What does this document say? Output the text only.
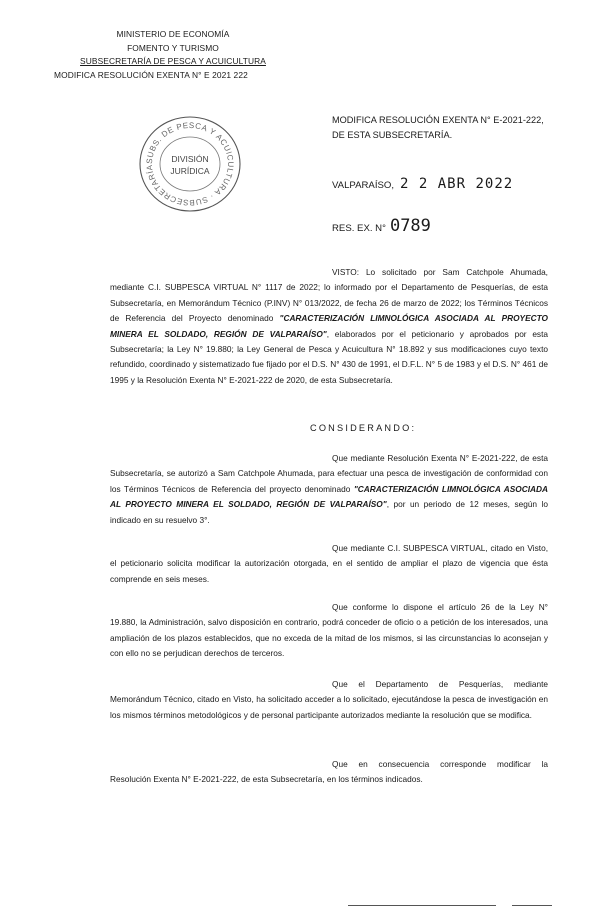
MINISTERIO DE ECONOMÍA
FOMENTO Y TURISMO
SUBSECRETARÍA DE PESCA Y ACUICULTURA
MODIFICA RESOLUCIÓN EXENTA N° E 2021 222
SUBS. DE PESCA Y ACUICULTURA · SUBSECRETARÍA
DIVISIÓN
JURÍDICA
MODIFICA RESOLUCIÓN EXENTA N° E-2021-222,
DE ESTA SUBSECRETARÍA.
VALPARAÍSO, 2 2 ABR 2022
RES. EX. N° 0789
VISTO: Lo solicitado por Sam Catchpole Ahumada, mediante C.I. SUBPESCA VIRTUAL N° 1117 de 2022; lo informado por el Departamento de Pesquerías, de esta Subsecretaría, en Memorándum Técnico (P.INV) N° 013/2022, de fecha 26 de marzo de 2022; los Términos Técnicos de Referencia del Proyecto denominado "CARACTERIZACIÓN LIMNOLÓGICA ASOCIADA AL PROYECTO MINERA EL SOLDADO, REGIÓN DE VALPARAÍSO", elaborados por el peticionario y aprobados por esta Subsecretaría; la Ley N° 19.880; la Ley General de Pesca y Acuicultura N° 18.892 y sus modificaciones cuyo texto refundido, coordinado y sistematizado fue fijado por el D.S. N° 430 de 1991, el D.F.L. N° 5 de 1983 y el D.S. N° 461 de 1995 y la Resolución Exenta N° E-2021-222 de 2020, de esta Subsecretaría.
CONSIDERANDO:
Que mediante Resolución Exenta N° E-2021-222, de esta Subsecretaría, se autorizó a Sam Catchpole Ahumada, para efectuar una pesca de investigación de conformidad con los Términos Técnicos de Referencia del proyecto denominado "CARACTERIZACIÓN LIMNOLÓGICA ASOCIADA AL PROYECTO MINERA EL SOLDADO, REGIÓN DE VALPARAÍSO", por un periodo de 12 meses, según lo indicado en su resuelvo 3°.
Que mediante C.I. SUBPESCA VIRTUAL, citado en Visto, el peticionario solicita modificar la autorización otorgada, en el sentido de ampliar el plazo de vigencia que ésta comprende en seis meses.
Que conforme lo dispone el artículo 26 de la Ley N° 19.880, la Administración, salvo disposición en contrario, podrá conceder de oficio o a petición de los interesados, una ampliación de los plazos establecidos, que no exceda de la mitad de los mismos, si las circunstancias lo aconsejan y con ello no se perjudican derechos de terceros.
Que el Departamento de Pesquerías, mediante Memorándum Técnico, citado en Visto, ha solicitado acceder a lo solicitado, ejecutándose la pesca de investigación en los mismos términos metodológicos y de personal participante autorizados mediante la resolución que se modifica.
Que en consecuencia corresponde modificar la Resolución Exenta N° E-2021-222, de esta Subsecretaría, en los términos indicados.
